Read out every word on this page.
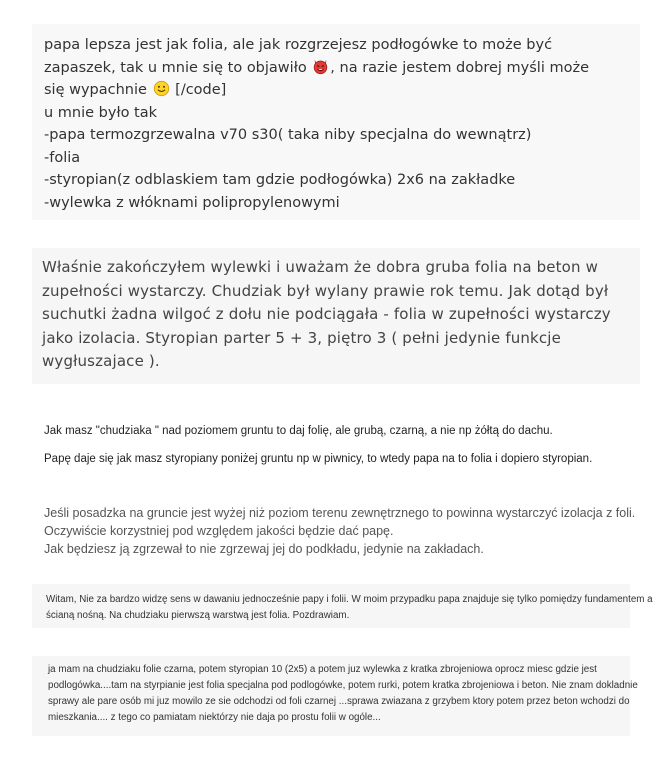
papa lepsza jest jak folia, ale jak rozgrzejesz podłogówke to może być
zapaszek, tak u mnie się to objawiło , na razie jestem dobrej myśli może
się wypachnie  [/code]
u mnie było tak
-papa termozgrzewalna v70 s30( taka niby specjalna do wewnątrz)
-folia
-styropian(z odblaskiem tam gdzie podłogówka) 2x6 na zakładke
-wylewka z włóknami polipropylenowymi
Właśnie zakończyłem wylewki i uważam że dobra gruba folia na beton w
zupełności wystarczy. Chudziak był wylany prawie rok temu. Jak dotąd był
suchutki żadna wilgoć z dołu nie podciągała - folia w zupełności wystarczy
jako izolacia. Styropian parter 5 + 3, piętro 3 ( pełni jedynie funkcje
wygłuszajace ).
Jak masz "chudziaka " nad poziomem gruntu to daj folię, ale grubą, czarną, a nie np żółtą do dachu.
Papę daje się jak masz styropiany poniżej gruntu np w piwnicy, to wtedy papa na to folia i dopiero styropian.
Jeśli posadzka na gruncie jest wyżej niż poziom terenu zewnętrznego to powinna wystarczyć izolacja z foli.
Oczywiście korzystniej pod względem jakości będzie dać papę.
Jak będziesz ją zgrzewał to nie zgrzewaj jej do podkładu, jedynie na zakładach.
Witam, Nie za bardzo widzę sens w dawaniu jednocześnie papy i folii. W moim przypadku papa znajduje się tylko pomiędzy fundamentem a
ścianą nośną. Na chudziaku pierwszą warstwą jest folia. Pozdrawiam.
ja mam na chudziaku folie czarna, potem styropian 10 (2x5) a potem juz wylewka z kratka zbrojeniowa oprocz miesc gdzie jest
podlogówka....tam na styrpianie jest folia specjalna pod podlogówke, potem rurki, potem kratka zbrojeniowa i beton. Nie znam dokladnie
sprawy ale pare osób mi juz mowilo ze sie odchodzi od foli czarnej ...sprawa zwiazana z grzybem ktory potem przez beton wchodzi do
mieszkania.... z tego co pamiatam niektórzy nie daja po prostu folii w ogóle...
